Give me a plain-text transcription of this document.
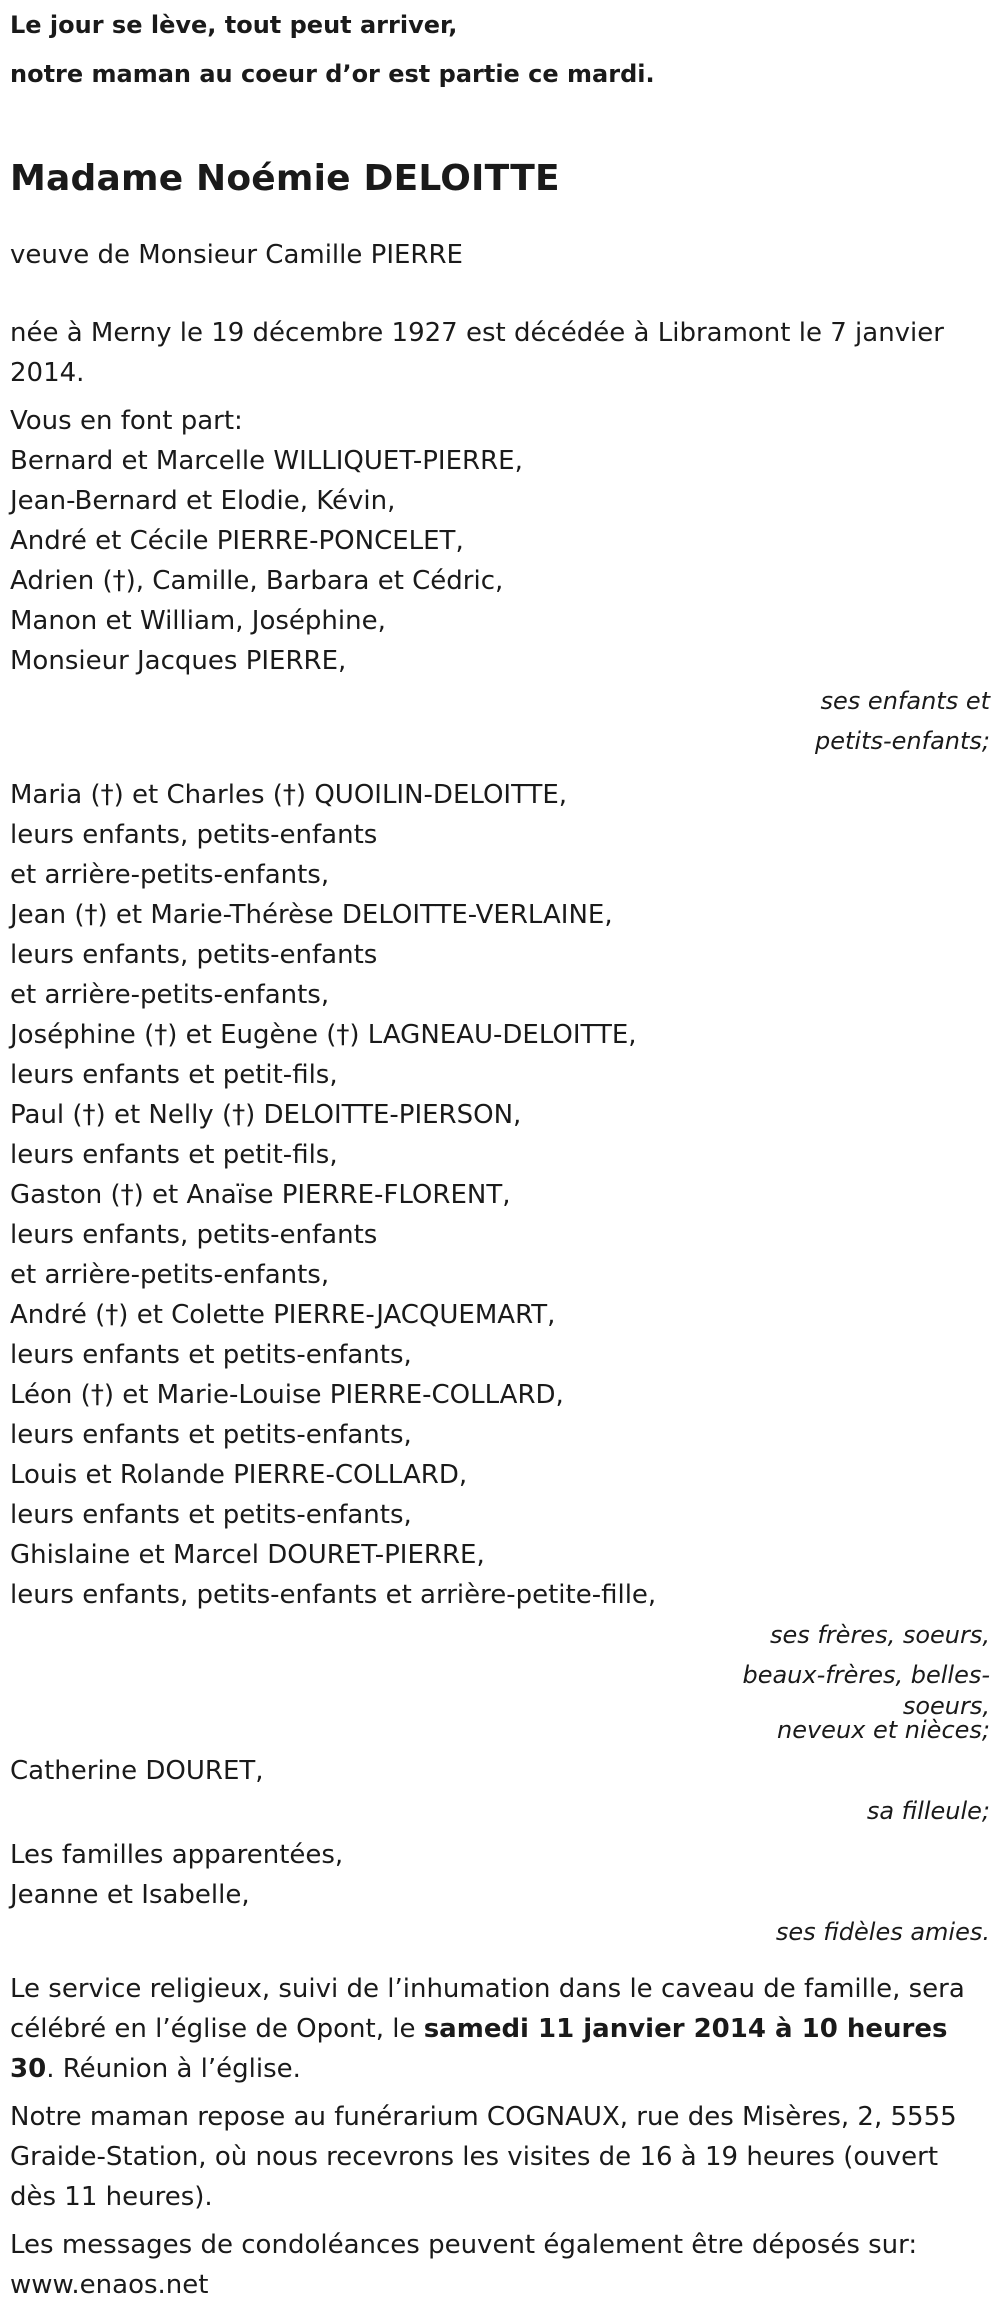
Le jour se lève, tout peut arriver,

notre maman au coeur d’or est partie ce mardi.

Madame Noémie DELOITTE

veuve de Monsieur Camille PIERRE

née à Merny le 19 décembre 1927 est décédée à Libramont le 7 janvier 2014.

Vous en font part:
Bernard et Marcelle WILLIQUET-PIERRE,
Jean-Bernard et Elodie, Kévin,
André et Cécile PIERRE-PONCELET,
Adrien (†), Camille, Barbara et Cédric,
Manon et William, Joséphine,
Monsieur Jacques PIERRE,
ses enfants et
petits-enfants;
Maria (†) et Charles (†) QUOILIN-DELOITTE,
leurs enfants, petits-enfants
et arrière-petits-enfants,
Jean (†) et Marie-Thérèse DELOITTE-VERLAINE,
leurs enfants, petits-enfants
et arrière-petits-enfants,
Joséphine (†) et Eugène (†) LAGNEAU-DELOITTE,
leurs enfants et petit-fils,
Paul (†) et Nelly (†) DELOITTE-PIERSON,
leurs enfants et petit-fils,
Gaston (†) et Anaïse PIERRE-FLORENT,
leurs enfants, petits-enfants
et arrière-petits-enfants,
André (†) et Colette PIERRE-JACQUEMART,
leurs enfants et petits-enfants,
Léon (†) et Marie-Louise PIERRE-COLLARD,
leurs enfants et petits-enfants,
Louis et Rolande PIERRE-COLLARD,
leurs enfants et petits-enfants,
Ghislaine et Marcel DOURET-PIERRE,
leurs enfants, petits-enfants et arrière-petite-fille,
ses frères, soeurs,
beaux-frères, belles-
soeurs,
neveux et nièces;
Catherine DOURET,
sa filleule;
Les familles apparentées,
Jeanne et Isabelle,
ses fidèles amies.

Le service religieux, suivi de l’inhumation dans le caveau de famille, sera célébré en l’église de Opont, le samedi 11 janvier 2014 à 10 heures 30. Réunion à l’église.

Notre maman repose au funérarium COGNAUX, rue des Misères, 2, 5555 Graide-Station, où nous recevrons les visites de 16 à 19 heures (ouvert dès 11 heures).

Les messages de condoléances peuvent également être déposés sur:
www.enaos.net
